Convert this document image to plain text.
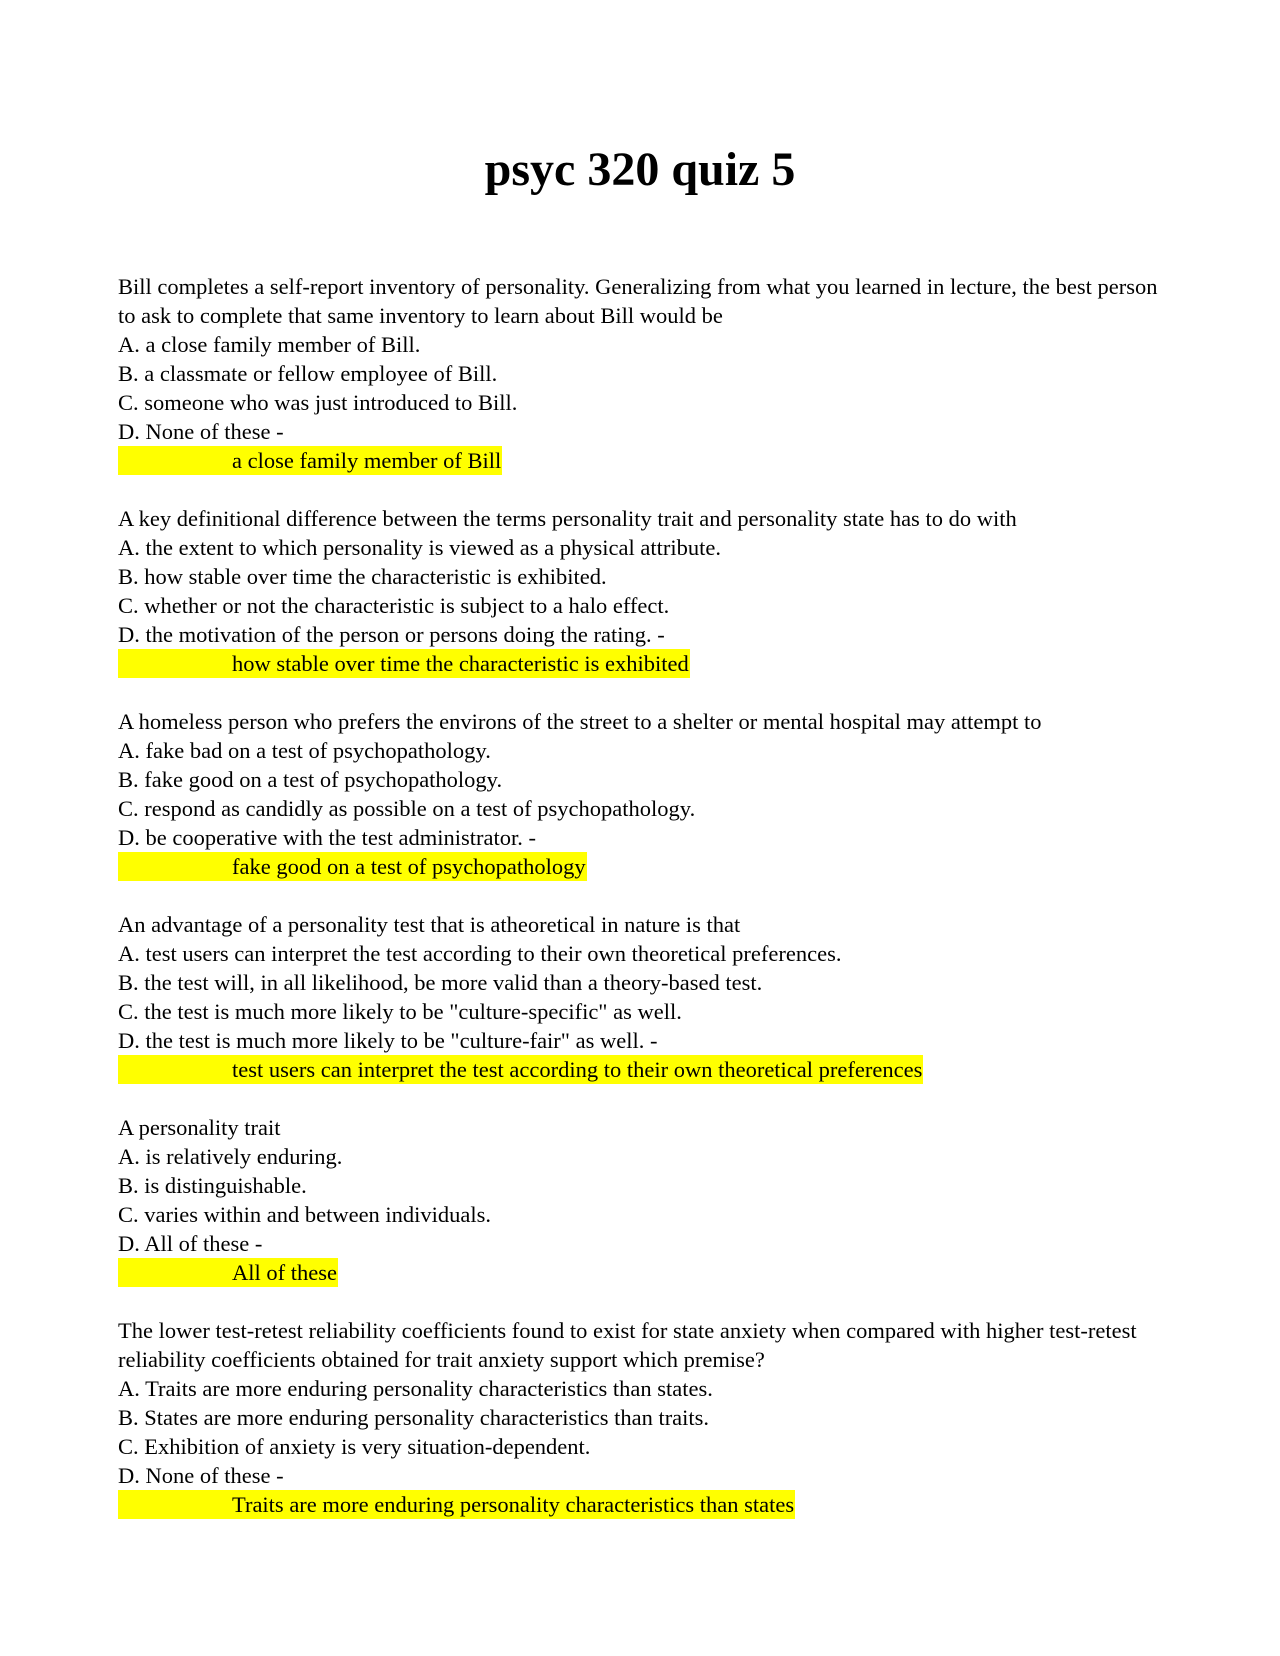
psyc 320 quiz 5
Bill completes a self-report inventory of personality. Generalizing from what you learned in lecture, the best person to ask to complete that same inventory to learn about Bill would be
A. a close family member of Bill.
B. a classmate or fellow employee of Bill.
C. someone who was just introduced to Bill.
D. None of these -
a close family member of Bill
A key definitional difference between the terms personality trait and personality state has to do with
A. the extent to which personality is viewed as a physical attribute.
B. how stable over time the characteristic is exhibited.
C. whether or not the characteristic is subject to a halo effect.
D. the motivation of the person or persons doing the rating. -
how stable over time the characteristic is exhibited
A homeless person who prefers the environs of the street to a shelter or mental hospital may attempt to
A. fake bad on a test of psychopathology.
B. fake good on a test of psychopathology.
C. respond as candidly as possible on a test of psychopathology.
D. be cooperative with the test administrator. -
fake good on a test of psychopathology
An advantage of a personality test that is atheoretical in nature is that
A. test users can interpret the test according to their own theoretical preferences.
B. the test will, in all likelihood, be more valid than a theory-based test.
C. the test is much more likely to be "culture-specific" as well.
D. the test is much more likely to be "culture-fair" as well. -
test users can interpret the test according to their own theoretical preferences
A personality trait
A. is relatively enduring.
B. is distinguishable.
C. varies within and between individuals.
D. All of these -
All of these
The lower test-retest reliability coefficients found to exist for state anxiety when compared with higher test-retest reliability coefficients obtained for trait anxiety support which premise?
A. Traits are more enduring personality characteristics than states.
B. States are more enduring personality characteristics than traits.
C. Exhibition of anxiety is very situation-dependent.
D. None of these -
Traits are more enduring personality characteristics than states
